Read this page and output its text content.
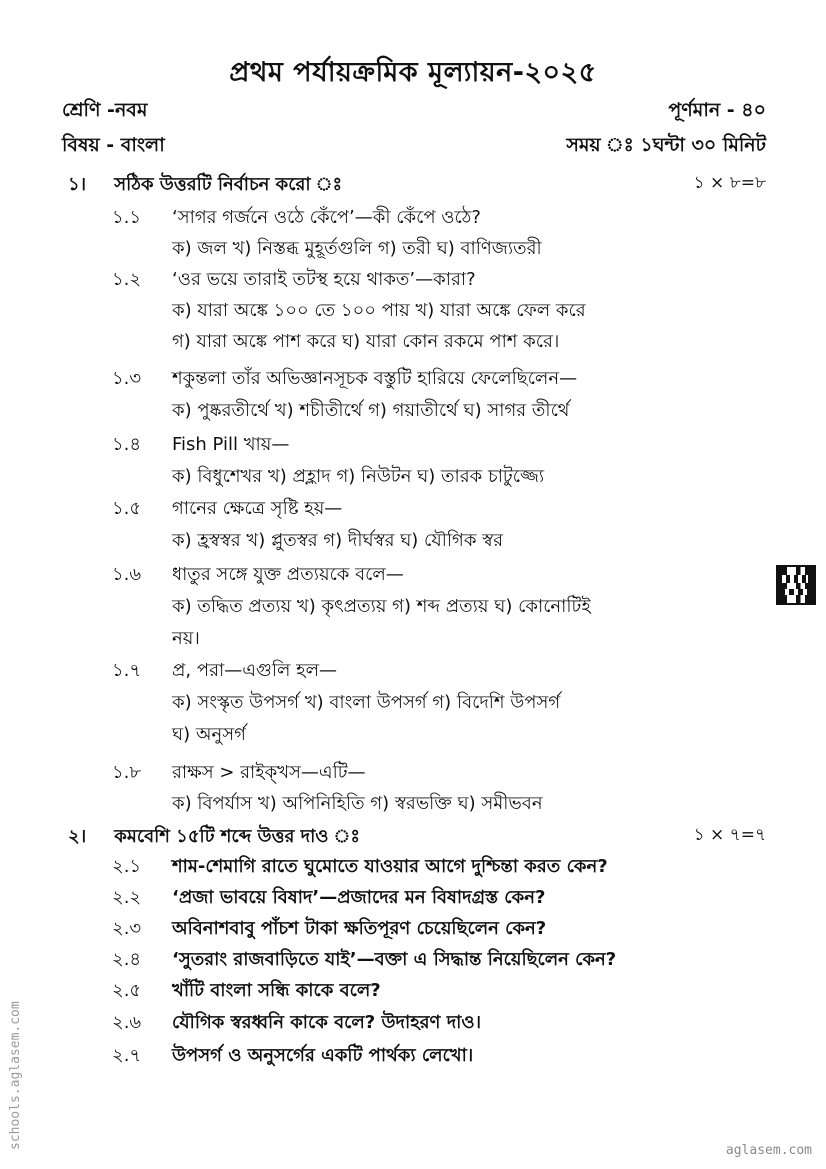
প্রথম পর্যায়ক্রমিক মূল্যায়ন-২০২৫
শ্রেণি -নবম	পূর্ণমান - ৪০
বিষয় - বাংলা	সময় ঃ ১ঘন্টা ৩০ মিনিট
১। সঠিক উত্তরটি নির্বাচন করো ঃ	১ × ৮=৮
১.১	‘সাগর গর্জনে ওঠে কেঁপে’—কী কেঁপে ওঠে?
ক) জল খ) নিস্তব্ধ মুহূর্তগুলি গ) তরী ঘ) বাণিজ্যতরী
১.২	‘ওর ভয়ে তারাই তটস্থ হয়ে থাকত’—কারা?
ক) যারা অঙ্কে ১০০ তে ১০০ পায় খ) যারা অঙ্কে ফেল করে
গ) যারা অঙ্কে পাশ করে ঘ) যারা কোন রকমে পাশ করে।
১.৩	শকুন্তলা তাঁর অভিজ্ঞানসূচক বস্তুটি হারিয়ে ফেলেছিলেন—
ক) পুষ্করতীর্থে খ) শচীতীর্থে গ) গয়াতীর্থে ঘ) সাগর তীর্থে
১.৪	Fish Pill খায়—
ক) বিধুশেখর খ) প্রহ্লাদ গ) নিউটন ঘ) তারক চাটুজ্জ্যে
১.৫	গানের ক্ষেত্রে সৃষ্টি হয়—
ক) হ্রস্বস্বর খ) প্লুতস্বর গ) দীর্ঘস্বর ঘ) যৌগিক স্বর
১.৬	ধাতুর সঙ্গে যুক্ত প্রত্যয়কে বলে—
ক) তদ্ধিত প্রত্যয় খ) কৃৎপ্রত্যয় গ) শব্দ প্রত্যয় ঘ) কোনোটিই
নয়।
১.৭	প্র, পরা—এগুলি হল—
ক) সংস্কৃত উপসর্গ খ) বাংলা উপসর্গ গ) বিদেশি উপসর্গ
ঘ) অনুসর্গ
১.৮	রাক্ষস > রাইক্খস—এটি—
ক) বিপর্যাস খ) অপিনিহিতি গ) স্বরভক্তি ঘ) সমীভবন
২। কমবেশি ১৫টি শব্দে উত্তর দাও ঃ	১ × ৭=৭
২.১	শাম-শেমাগি রাতে ঘুমোতে যাওয়ার আগে দুশ্চিন্তা করত কেন?
২.২	‘প্রজা ভাবয়ে বিষাদ’—প্রজাদের মন বিষাদগ্রস্ত কেন?
২.৩	অবিনাশবাবু পাঁচশ টাকা ক্ষতিপূরণ চেয়েছিলেন কেন?
২.৪	‘সুতরাং রাজবাড়িতে যাই’—বক্তা এ সিদ্ধান্ত নিয়েছিলেন কেন?
২.৫	খাঁটি বাংলা সন্ধি কাকে বলে?
২.৬	যৌগিক স্বরধ্বনি কাকে বলে? উদাহরণ দাও।
২.৭	উপসর্গ ও অনুসর্গের একটি পার্থক্য লেখো।
schools.aglasem.com
aglasem.com
